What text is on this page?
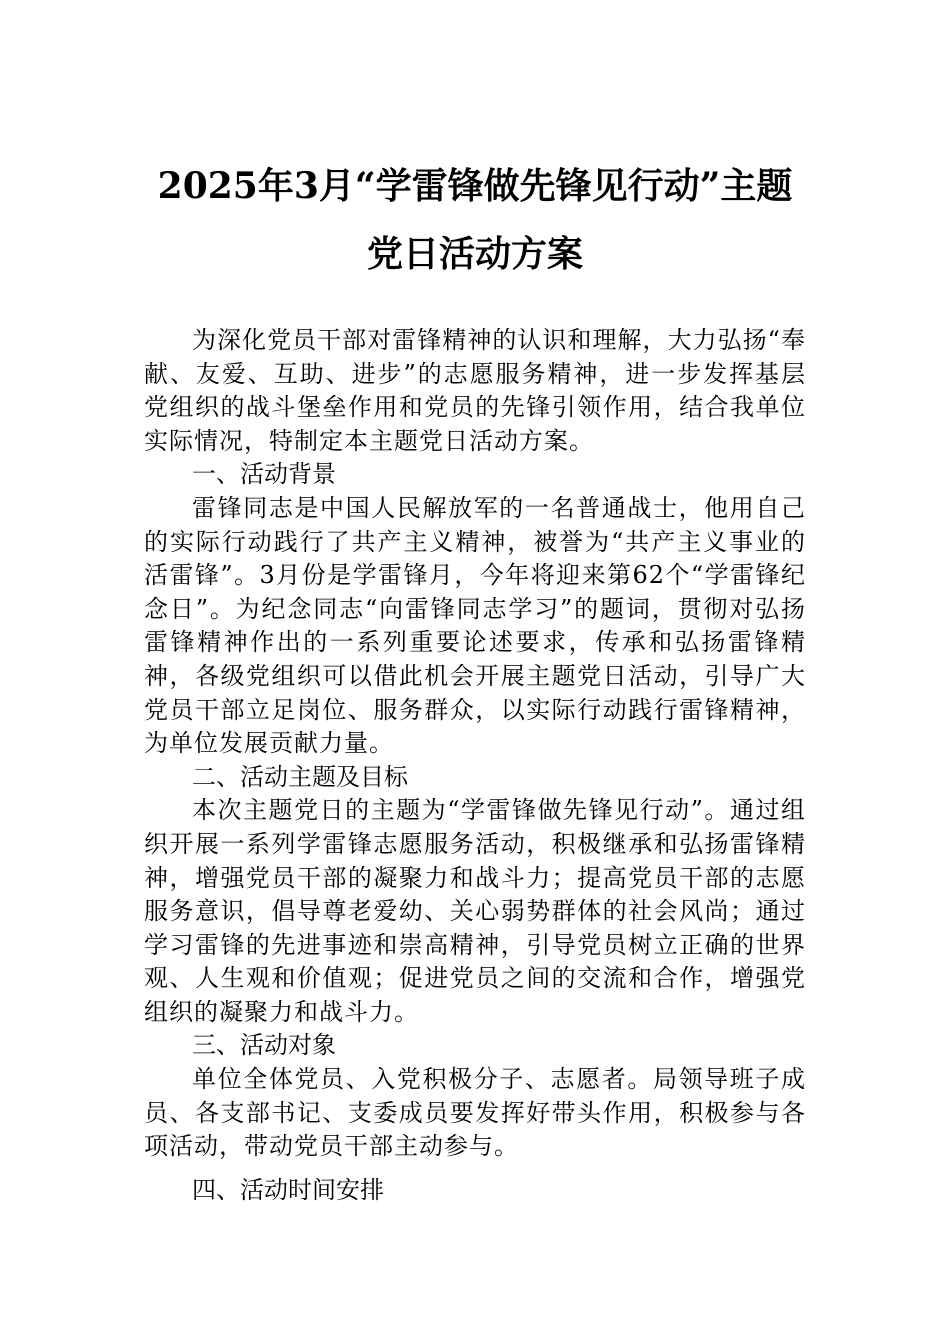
2025年3月“学雷锋做先锋见行动”主题
党日活动方案

为深化党员干部对雷锋精神的认识和理解，大力弘扬“奉献、友爱、互助、进步”的志愿服务精神，进一步发挥基层党组织的战斗堡垒作用和党员的先锋引领作用，结合我单位实际情况，特制定本主题党日活动方案。

一、活动背景

雷锋同志是中国人民解放军的一名普通战士，他用自己的实际行动践行了共产主义精神，被誉为“共产主义事业的活雷锋”。3月份是学雷锋月，今年将迎来第62个“学雷锋纪念日”。为纪念同志“向雷锋同志学习”的题词，贯彻对弘扬雷锋精神作出的一系列重要论述要求，传承和弘扬雷锋精神，各级党组织可以借此机会开展主题党日活动，引导广大党员干部立足岗位、服务群众，以实际行动践行雷锋精神，为单位发展贡献力量。

二、活动主题及目标

本次主题党日的主题为“学雷锋做先锋见行动”。通过组织开展一系列学雷锋志愿服务活动，积极继承和弘扬雷锋精神，增强党员干部的凝聚力和战斗力；提高党员干部的志愿服务意识，倡导尊老爱幼、关心弱势群体的社会风尚；通过学习雷锋的先进事迹和崇高精神，引导党员树立正确的世界观、人生观和价值观；促进党员之间的交流和合作，增强党组织的凝聚力和战斗力。

三、活动对象

单位全体党员、入党积极分子、志愿者。局领导班子成员、各支部书记、支委成员要发挥好带头作用，积极参与各项活动，带动党员干部主动参与。

四、活动时间安排
